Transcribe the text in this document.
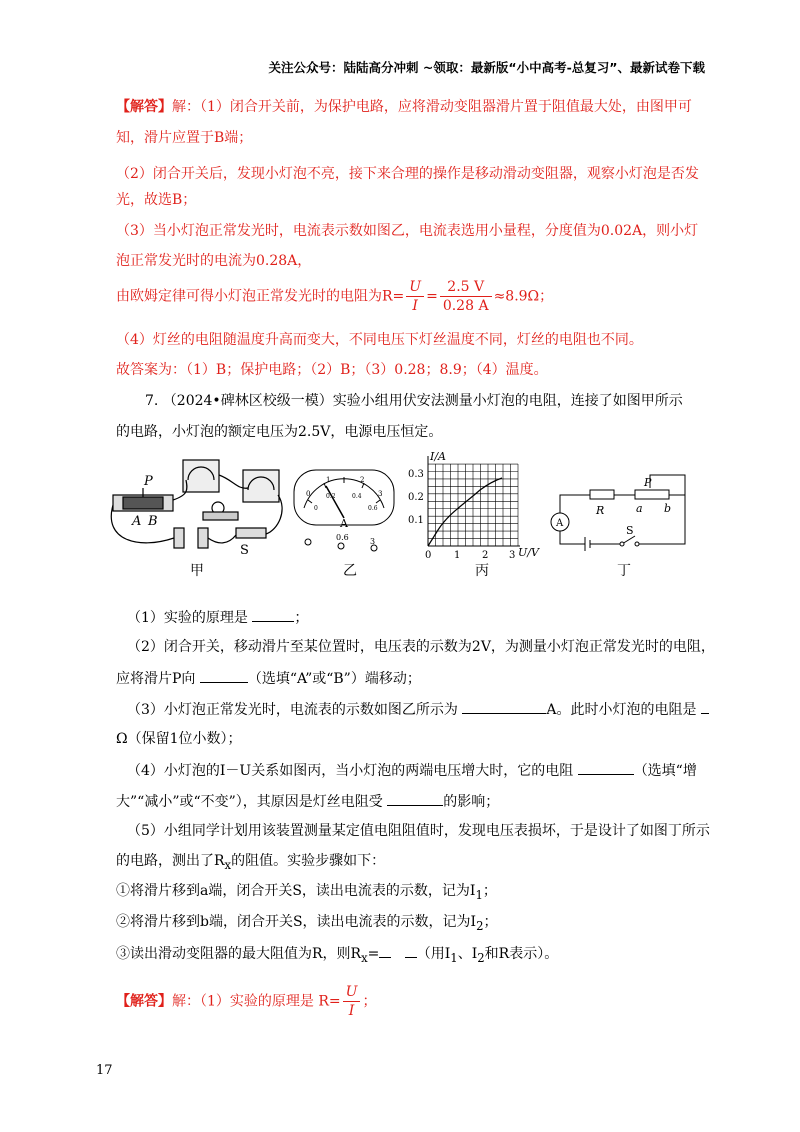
关注公众号：陆陆高分冲刺 ~领取：最新版“小中高考-总复习”、最新试卷下载
【解答】解：（1）闭合开关前，为保护电路，应将滑动变阻器滑片置于阻值最大处，由图甲可
知，滑片应置于B端；
（2）闭合开关后，发现小灯泡不亮，接下来合理的操作是移动滑动变阻器，观察小灯泡是否发
光，故选B；
（3）当小灯泡正常发光时，电流表示数如图乙，电流表选用小量程，分度值为0.02A，则小灯
泡正常发光时的电流为0.28A，
由欧姆定律可得小灯泡正常发光时的电阻为$R= \frac{U}{I} = \frac{2.5 V}{0.28 A} \approx 8.9\Omega$；
（4）灯丝的电阻随温度升高而变大，不同电压下灯丝温度不同，灯丝的电阻也不同。
故答案为：（1）B；保护电路；（2）B；（3）0.28；8.9；（4）温度。
7. （2024•碑林区校级一模）实验小组用伏安法测量小灯泡的电阻，连接了如图甲所示
的电路，小灯泡的额定电压为2.5V，电源电压恒定。
P
A B
S
0
1	2
3
0
0.2	0.4
0.6
A
0.6	3
I/A
U/V
0.3
0.2
0.1
0 1 2 3
A
P
R	a b
S
甲	乙	丙	丁
（1）实验的原理是	；
（2）闭合开关，移动滑片至某位置时，电压表的示数为2V，为测量小灯泡正常发光时的电阻，
应将滑片P向	（选填“A”或“B”）端移动；
（3）小灯泡正常发光时，电流表的示数如图乙所示为	A。此时小灯泡的电阻是
Ω（保留1位小数）；
（4）小灯泡的I－U关系如图丙，当小灯泡的两端电压增大时，它的电阻	（选填“增
大”“减小”或“不变”），其原因是灯丝电阻受	的影响；
（5）小组同学计划用该装置测量某定值电阻阻值时，发现电压表损坏，于是设计了如图丁所示
的电路，测出了$R_x$的阻值。实验步骤如下：
①将滑片移到a端，闭合开关S，读出电流表的示数，记为$I_1$；
②将滑片移到b端，闭合开关S，读出电流表的示数，记为$I_2$；
③读出滑动变阻器的最大阻值为R，则$R_x=$	（用$I_1$、$I_2$和R表示）。
【解答】解：（1）实验的原理是 $R= \frac{U}{I}$ ；
17
